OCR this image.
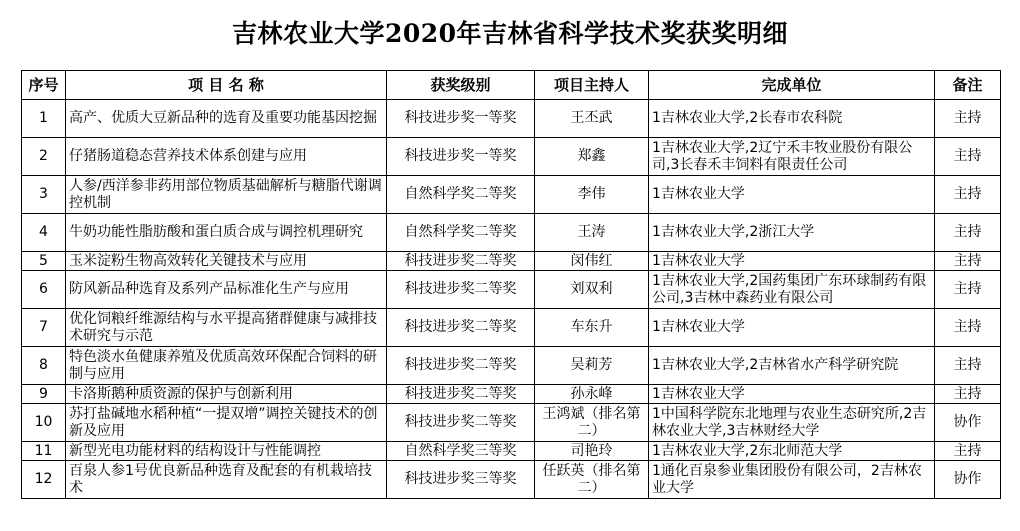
吉林农业大学2020年吉林省科学技术奖获奖明细
序号	项 目 名 称	获奖级别	项目主持人	完成单位	备注
1	高产、优质大豆新品种的选育及重要功能基因挖掘	科技进步奖一等奖	王丕武	1吉林农业大学,2长春市农科院	主持
2	仔猪肠道稳态营养技术体系创建与应用	科技进步奖一等奖	郑鑫	1吉林农业大学,2辽宁禾丰牧业股份有限公司,3长春禾丰饲料有限责任公司	主持
3	人参/西洋参非药用部位物质基础解析与糖脂代谢调控机制	自然科学奖二等奖	李伟	1吉林农业大学	主持
4	牛奶功能性脂肪酸和蛋白质合成与调控机理研究	自然科学奖二等奖	王涛	1吉林农业大学,2浙江大学	主持
5	玉米淀粉生物高效转化关键技术与应用	科技进步奖二等奖	闵伟红	1吉林农业大学	主持
6	防风新品种选育及系列产品标准化生产与应用	科技进步奖二等奖	刘双利	1吉林农业大学,2国药集团广东环球制药有限公司,3吉林中森药业有限公司	主持
7	优化饲粮纤维源结构与水平提高猪群健康与减排技术研究与示范	科技进步奖二等奖	车东升	1吉林农业大学	主持
8	特色淡水鱼健康养殖及优质高效环保配合饲料的研制与应用	科技进步奖二等奖	吴莉芳	1吉林农业大学,2吉林省水产科学研究院	主持
9	卡洛斯鹅种质资源的保护与创新利用	科技进步奖二等奖	孙永峰	1吉林农业大学	主持
10	苏打盐碱地水稻种植“一提双增”调控关键技术的创新及应用	科技进步奖二等奖	王鸿斌（排名第二）	1中国科学院东北地理与农业生态研究所,2吉林农业大学,3吉林财经大学	协作
11	新型光电功能材料的结构设计与性能调控	自然科学奖三等奖	司艳玲	1吉林农业大学,2东北师范大学	主持
12	百泉人参1号优良新品种选育及配套的有机栽培技术	科技进步奖三等奖	任跃英（排名第二）	1通化百泉参业集团股份有限公司，2吉林农业大学	协作
